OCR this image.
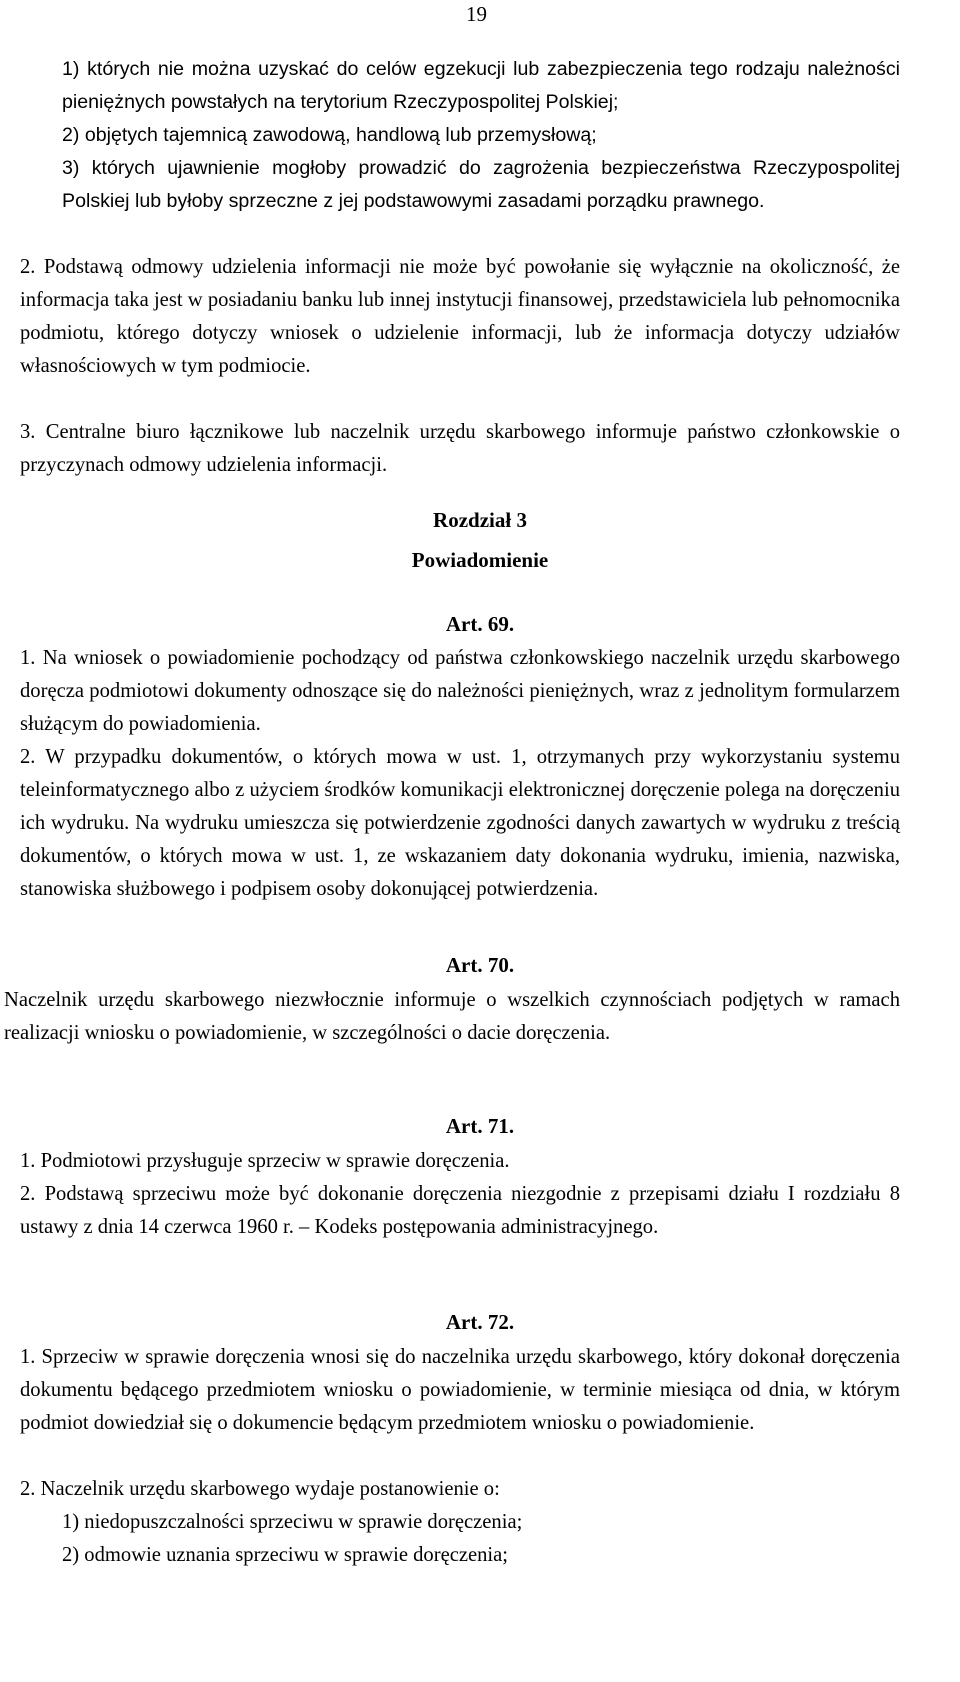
19
1) których nie można uzyskać do celów egzekucji lub zabezpieczenia tego rodzaju należności pieniężnych powstałych na terytorium Rzeczypospolitej Polskiej;
2) objętych tajemnicą zawodową, handlową lub przemysłową;
3) których ujawnienie mogłoby prowadzić do zagrożenia bezpieczeństwa Rzeczypospolitej Polskiej lub byłoby sprzeczne z jej podstawowymi zasadami porządku prawnego.
2. Podstawą odmowy udzielenia informacji nie może być powołanie się wyłącznie na okoliczność, że informacja taka jest w posiadaniu banku lub innej instytucji finansowej, przedstawiciela lub pełnomocnika podmiotu, którego dotyczy wniosek o udzielenie informacji, lub że informacja dotyczy udziałów własnościowych w tym podmiocie.
3. Centralne biuro łącznikowe lub naczelnik urzędu skarbowego informuje państwo członkowskie o przyczynach odmowy udzielenia informacji.
Rozdział 3
Powiadomienie
Art. 69.
1. Na wniosek o powiadomienie pochodzący od państwa członkowskiego naczelnik urzędu skarbowego doręcza podmiotowi dokumenty odnoszące się do należności pieniężnych, wraz z jednolitym formularzem służącym do powiadomienia.
2. W przypadku dokumentów, o których mowa w ust. 1, otrzymanych przy wykorzystaniu systemu teleinformatycznego albo z użyciem środków komunikacji elektronicznej doręczenie polega na doręczeniu ich wydruku. Na wydruku umieszcza się potwierdzenie zgodności danych zawartych w wydruku z treścią dokumentów, o których mowa w ust. 1, ze wskazaniem daty dokonania wydruku, imienia, nazwiska, stanowiska służbowego i podpisem osoby dokonującej potwierdzenia.
Art. 70.
Naczelnik urzędu skarbowego niezwłocznie informuje o wszelkich czynnościach podjętych w ramach realizacji wniosku o powiadomienie, w szczególności o dacie doręczenia.
Art. 71.
1. Podmiotowi przysługuje sprzeciw w sprawie doręczenia.
2. Podstawą sprzeciwu może być dokonanie doręczenia niezgodnie z przepisami działu I rozdziału 8 ustawy z dnia 14 czerwca 1960 r. – Kodeks postępowania administracyjnego.
Art. 72.
1. Sprzeciw w sprawie doręczenia wnosi się do naczelnika urzędu skarbowego, który dokonał doręczenia dokumentu będącego przedmiotem wniosku o powiadomienie, w terminie miesiąca od dnia, w którym podmiot dowiedział się o dokumencie będącym przedmiotem wniosku o powiadomienie.
2. Naczelnik urzędu skarbowego wydaje postanowienie o:
1) niedopuszczalności sprzeciwu w sprawie doręczenia;
2) odmowie uznania sprzeciwu w sprawie doręczenia;
